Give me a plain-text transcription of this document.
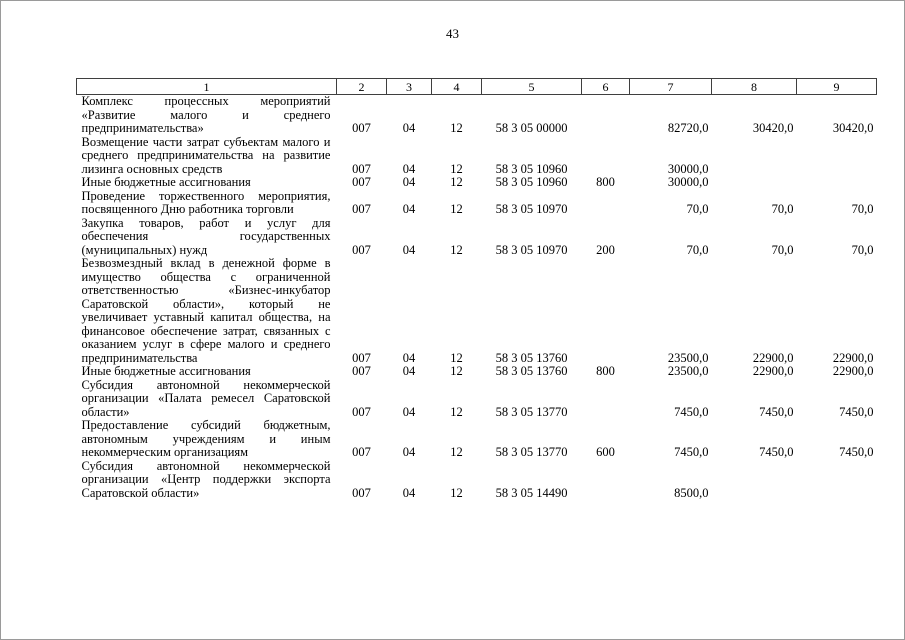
43
1	2	3	4	5	6	7	8	9
Комплекс процессных мероприятий «Развитие малого и среднего предпринимательства»	007	04	12	58 3 05 00000		82720,0	30420,0	30420,0
Возмещение части затрат субъектам малого и среднего предпринимательства на развитие лизинга основных средств	007	04	12	58 3 05 10960		30000,0		
Иные бюджетные ассигнования	007	04	12	58 3 05 10960	800	30000,0		
Проведение торжественного мероприятия, посвященного Дню работника торговли	007	04	12	58 3 05 10970		70,0	70,0	70,0
Закупка товаров, работ и услуг для обеспечения государственных (муниципальных) нужд	007	04	12	58 3 05 10970	200	70,0	70,0	70,0
Безвозмездный вклад в денежной форме в имущество общества с ограниченной ответственностью «Бизнес-инкубатор Саратовской области», который не увеличивает уставный капитал общества, на финансовое обеспечение затрат, связанных с оказанием услуг в сфере малого и среднего предпринимательства	007	04	12	58 3 05 13760		23500,0	22900,0	22900,0
Иные бюджетные ассигнования	007	04	12	58 3 05 13760	800	23500,0	22900,0	22900,0
Субсидия автономной некоммерческой организации «Палата ремесел Саратовской области»	007	04	12	58 3 05 13770		7450,0	7450,0	7450,0
Предоставление субсидий бюджетным, автономным учреждениям и иным некоммерческим организациям	007	04	12	58 3 05 13770	600	7450,0	7450,0	7450,0
Субсидия автономной некоммерческой организации «Центр поддержки экспорта Саратовской области»	007	04	12	58 3 05 14490		8500,0		
